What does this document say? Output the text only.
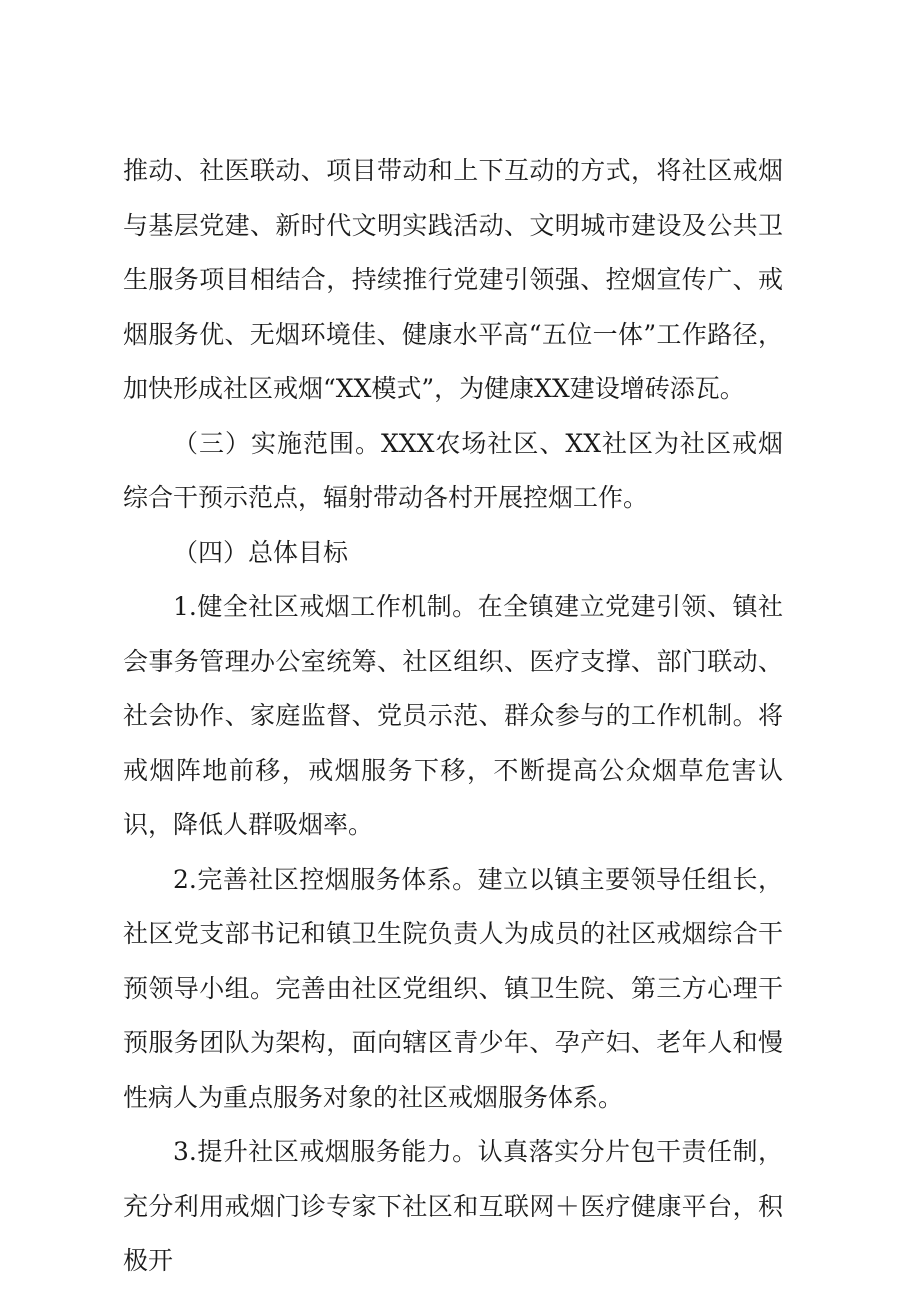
推动、社医联动、项目带动和上下互动的方式，将社区戒烟与基层党建、新时代文明实践活动、文明城市建设及公共卫生服务项目相结合，持续推行党建引领强、控烟宣传广、戒烟服务优、无烟环境佳、健康水平高“五位一体”工作路径，加快形成社区戒烟“XX模式”，为健康XX建设增砖添瓦。

（三）实施范围。XXX农场社区、XX社区为社区戒烟综合干预示范点，辐射带动各村开展控烟工作。

（四）总体目标

1.健全社区戒烟工作机制。在全镇建立党建引领、镇社会事务管理办公室统筹、社区组织、医疗支撑、部门联动、社会协作、家庭监督、党员示范、群众参与的工作机制。将戒烟阵地前移，戒烟服务下移，不断提高公众烟草危害认识，降低人群吸烟率。

2.完善社区控烟服务体系。建立以镇主要领导任组长，社区党支部书记和镇卫生院负责人为成员的社区戒烟综合干预领导小组。完善由社区党组织、镇卫生院、第三方心理干预服务团队为架构，面向辖区青少年、孕产妇、老年人和慢性病人为重点服务对象的社区戒烟服务体系。

3.提升社区戒烟服务能力。认真落实分片包干责任制，充分利用戒烟门诊专家下社区和互联网＋医疗健康平台，积极开
